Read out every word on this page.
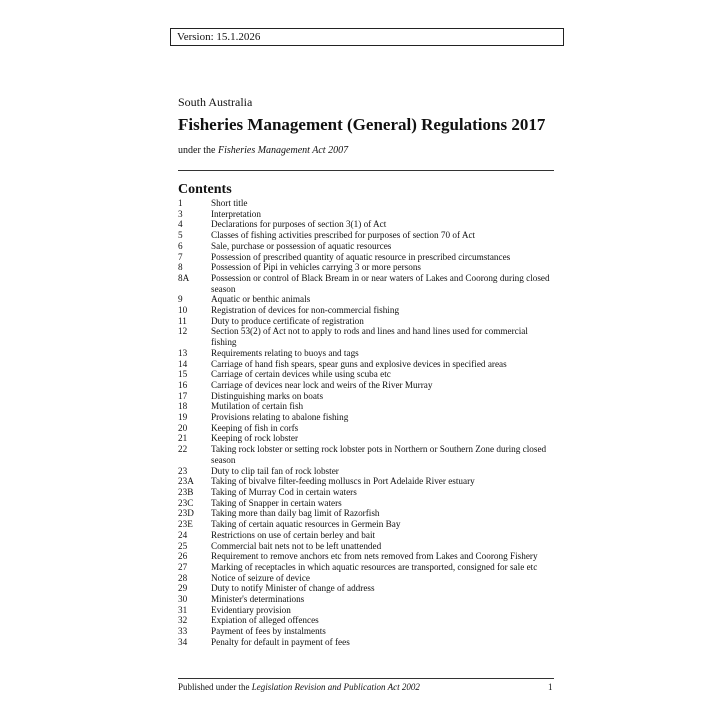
Version: 15.1.2026
South Australia
Fisheries Management (General) Regulations 2017
under the Fisheries Management Act 2007
Contents
1	Short title
3	Interpretation
4	Declarations for purposes of section 3(1) of Act
5	Classes of fishing activities prescribed for purposes of section 70 of Act
6	Sale, purchase or possession of aquatic resources
7	Possession of prescribed quantity of aquatic resource in prescribed circumstances
8	Possession of Pipi in vehicles carrying 3 or more persons
8A	Possession or control of Black Bream in or near waters of Lakes and Coorong during closed season
9	Aquatic or benthic animals
10	Registration of devices for non-commercial fishing
11	Duty to produce certificate of registration
12	Section 53(2) of Act not to apply to rods and lines and hand lines used for commercial fishing
13	Requirements relating to buoys and tags
14	Carriage of hand fish spears, spear guns and explosive devices in specified areas
15	Carriage of certain devices while using scuba etc
16	Carriage of devices near lock and weirs of the River Murray
17	Distinguishing marks on boats
18	Mutilation of certain fish
19	Provisions relating to abalone fishing
20	Keeping of fish in corfs
21	Keeping of rock lobster
22	Taking rock lobster or setting rock lobster pots in Northern or Southern Zone during closed season
23	Duty to clip tail fan of rock lobster
23A	Taking of bivalve filter-feeding molluscs in Port Adelaide River estuary
23B	Taking of Murray Cod in certain waters
23C	Taking of Snapper in certain waters
23D	Taking more than daily bag limit of Razorfish
23E	Taking of certain aquatic resources in Germein Bay
24	Restrictions on use of certain berley and bait
25	Commercial bait nets not to be left unattended
26	Requirement to remove anchors etc from nets removed from Lakes and Coorong Fishery
27	Marking of receptacles in which aquatic resources are transported, consigned for sale etc
28	Notice of seizure of device
29	Duty to notify Minister of change of address
30	Minister's determinations
31	Evidentiary provision
32	Expiation of alleged offences
33	Payment of fees by instalments
34	Penalty for default in payment of fees
Published under the Legislation Revision and Publication Act 2002	1
